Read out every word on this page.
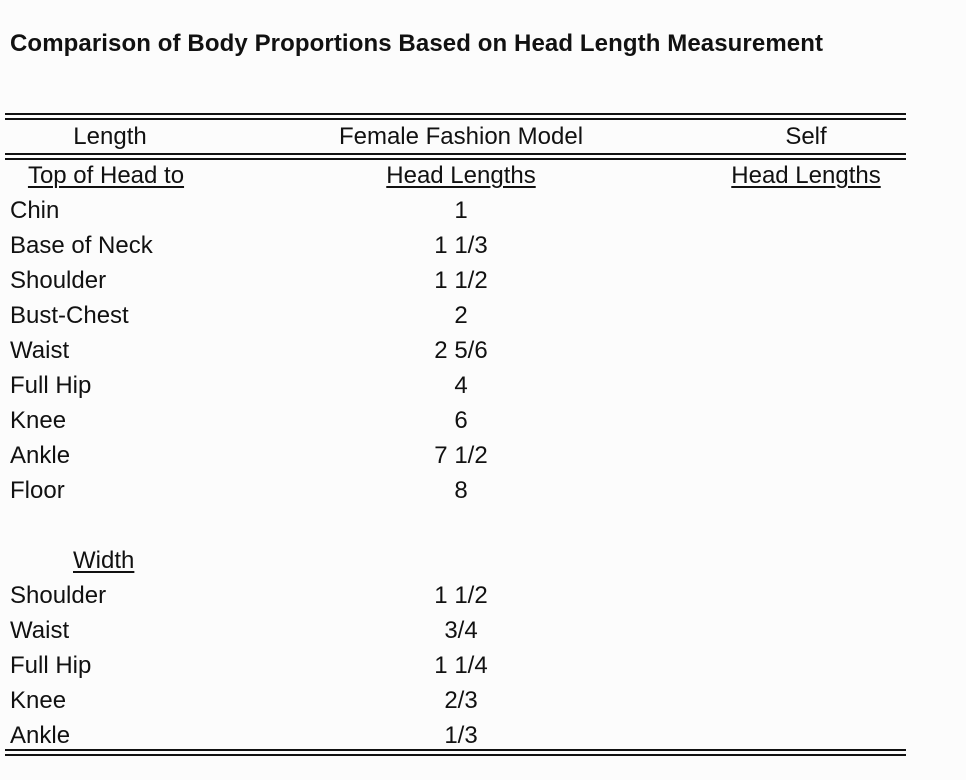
Comparison of Body Proportions Based on Head Length Measurement
Length	Female Fashion Model	Self
Top of Head to	Head Lengths	Head Lengths
Chin	1
Base of Neck	1 1/3
Shoulder	1 1/2
Bust-Chest	2
Waist	2 5/6
Full Hip	4
Knee	6
Ankle	7 1/2
Floor	8
Width
Shoulder	1 1/2
Waist	3/4
Full Hip	1 1/4
Knee	2/3
Ankle	1/3
